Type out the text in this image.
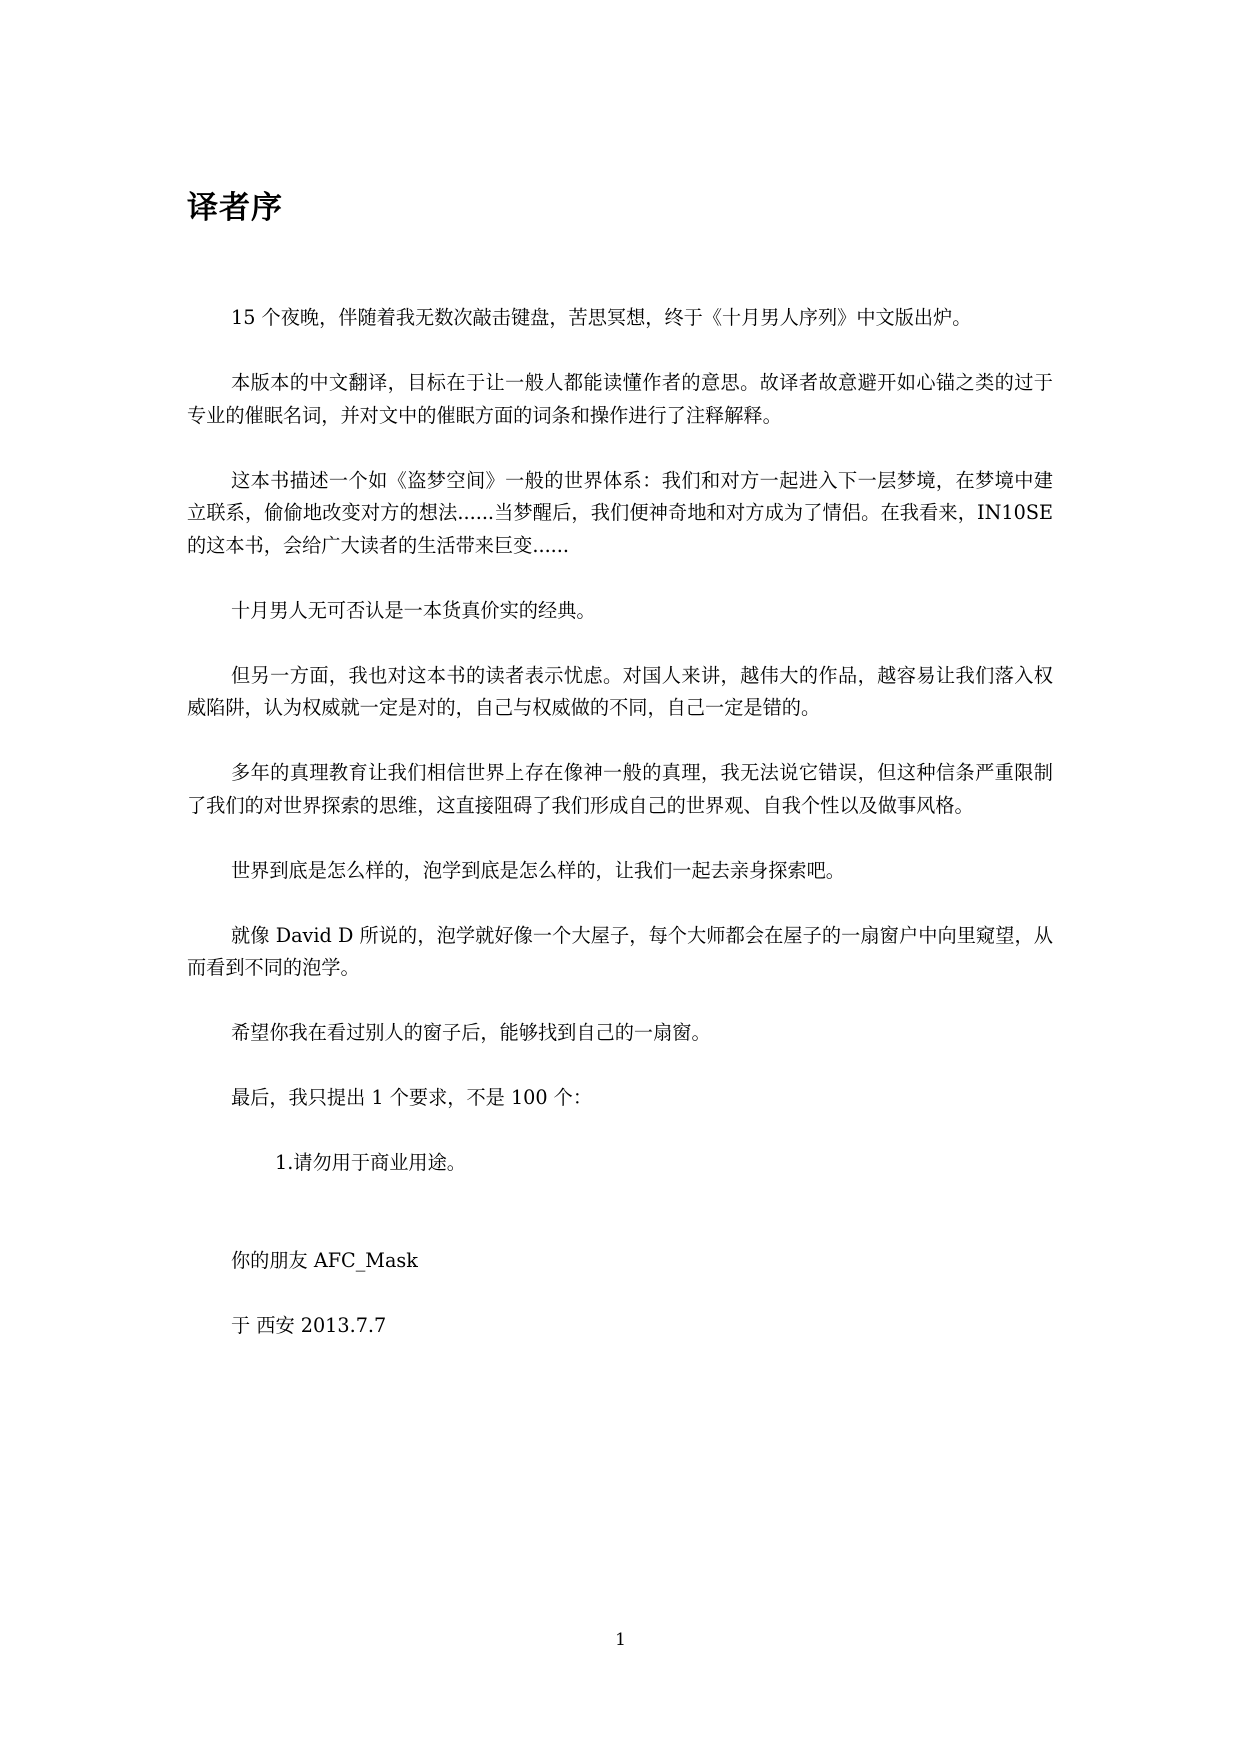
译者序

15 个夜晚，伴随着我无数次敲击键盘，苦思冥想，终于《十月男人序列》中文版出炉。

本版本的中文翻译，目标在于让一般人都能读懂作者的意思。故译者故意避开如心锚之类的过于专业的催眠名词，并对文中的催眠方面的词条和操作进行了注释解释。

这本书描述一个如《盗梦空间》一般的世界体系：我们和对方一起进入下一层梦境，在梦境中建立联系，偷偷地改变对方的想法......当梦醒后，我们便神奇地和对方成为了情侣。在我看来，IN10SE 的这本书，会给广大读者的生活带来巨变......

十月男人无可否认是一本货真价实的经典。

但另一方面，我也对这本书的读者表示忧虑。对国人来讲，越伟大的作品，越容易让我们落入权威陷阱，认为权威就一定是对的，自己与权威做的不同，自己一定是错的。

多年的真理教育让我们相信世界上存在像神一般的真理，我无法说它错误，但这种信条严重限制了我们的对世界探索的思维，这直接阻碍了我们形成自己的世界观、自我个性以及做事风格。

世界到底是怎么样的，泡学到底是怎么样的，让我们一起去亲身探索吧。

就像 David D 所说的，泡学就好像一个大屋子，每个大师都会在屋子的一扇窗户中向里窥望，从而看到不同的泡学。

希望你我在看过别人的窗子后，能够找到自己的一扇窗。

最后，我只提出 1 个要求，不是 100 个：

1.请勿用于商业用途。

你的朋友 AFC_Mask

于 西安 2013.7.7

1
